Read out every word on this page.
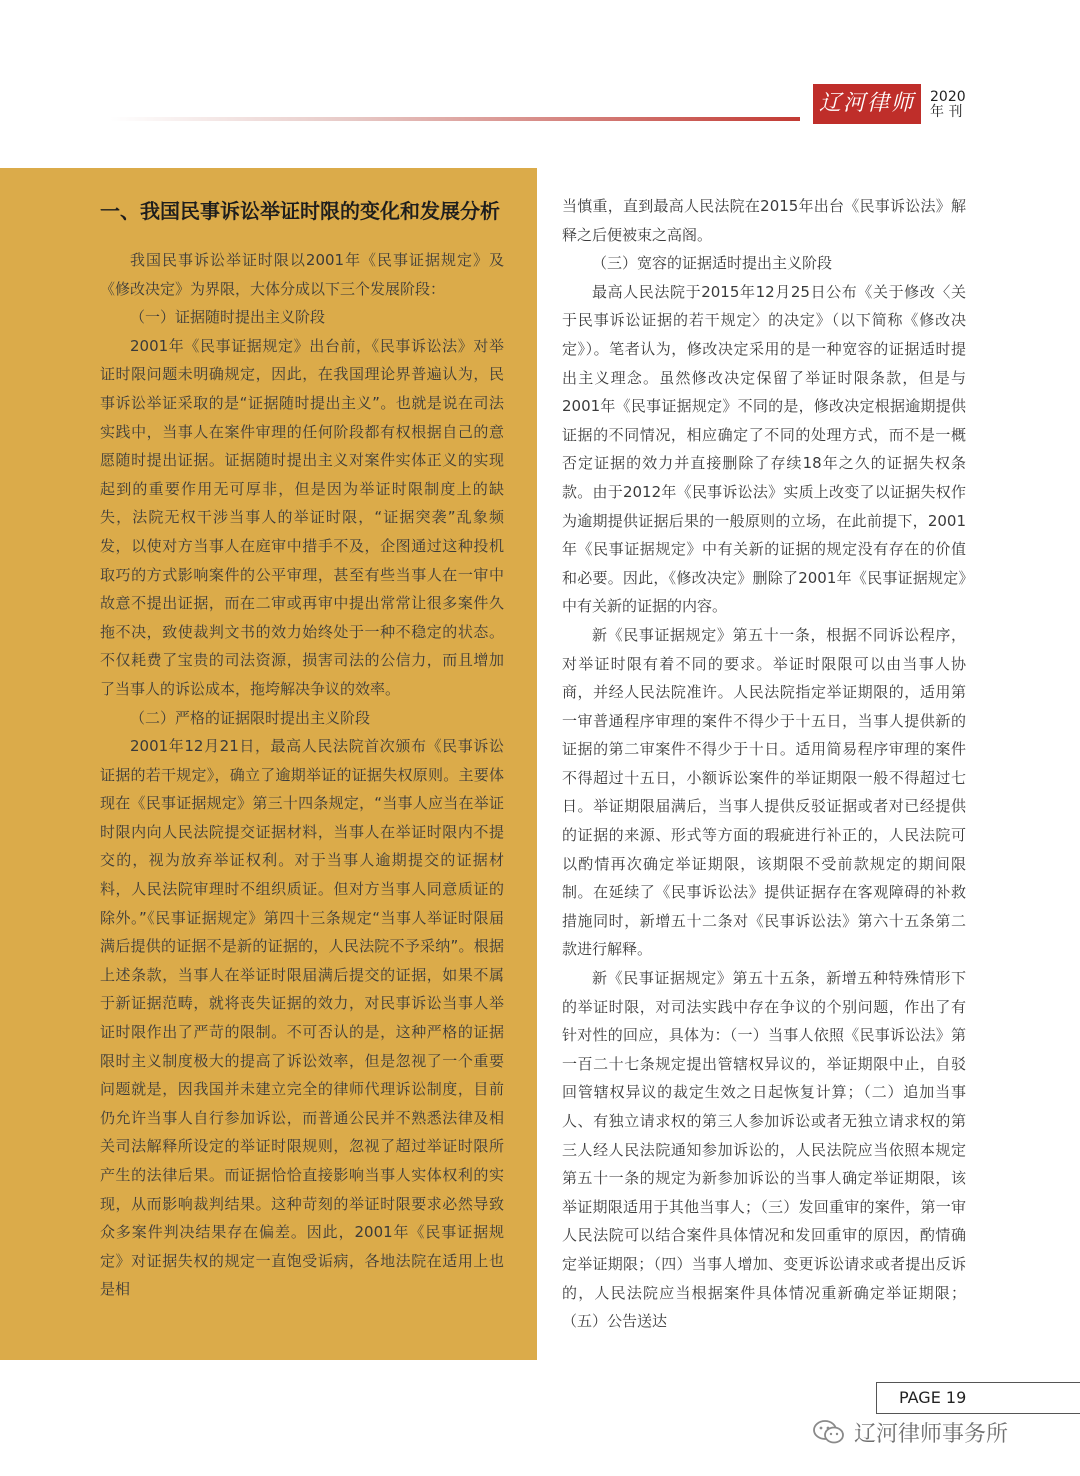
辽河律师	2020
年 刊
一、我国民事诉讼举证时限的变化和发展分析

我国民事诉讼举证时限以2001年《民事证据规定》及《修改决定》为界限，大体分成以下三个发展阶段：

（一）证据随时提出主义阶段

2001年《民事证据规定》出台前，《民事诉讼法》对举证时限问题未明确规定，因此，在我国理论界普遍认为，民事诉讼举证采取的是“证据随时提出主义”。也就是说在司法实践中，当事人在案件审理的任何阶段都有权根据自己的意愿随时提出证据。证据随时提出主义对案件实体正义的实现起到的重要作用无可厚非，但是因为举证时限制度上的缺失，法院无权干涉当事人的举证时限，“证据突袭”乱象频发，以使对方当事人在庭审中措手不及，企图通过这种投机取巧的方式影响案件的公平审理，甚至有些当事人在一审中故意不提出证据，而在二审或再审中提出常常让很多案件久拖不决，致使裁判文书的效力始终处于一种不稳定的状态。不仅耗费了宝贵的司法资源，损害司法的公信力，而且增加了当事人的诉讼成本，拖垮解决争议的效率。

（二）严格的证据限时提出主义阶段

2001年12月21日，最高人民法院首次颁布《民事诉讼证据的若干规定》，确立了逾期举证的证据失权原则。主要体现在《民事证据规定》第三十四条规定，“当事人应当在举证时限内向人民法院提交证据材料，当事人在举证时限内不提交的，视为放弃举证权利。对于当事人逾期提交的证据材料，人民法院审理时不组织质证。但对方当事人同意质证的除外。”《民事证据规定》第四十三条规定“当事人举证时限届满后提供的证据不是新的证据的，人民法院不予采纳”。根据上述条款，当事人在举证时限届满后提交的证据，如果不属于新证据范畴，就将丧失证据的效力，对民事诉讼当事人举证时限作出了严苛的限制。不可否认的是，这种严格的证据限时主义制度极大的提高了诉讼效率，但是忽视了一个重要问题就是，因我国并未建立完全的律师代理诉讼制度，目前仍允许当事人自行参加诉讼，而普通公民并不熟悉法律及相关司法解释所设定的举证时限规则，忽视了超过举证时限所产生的法律后果。而证据恰恰直接影响当事人实体权利的实现，从而影响裁判结果。这种苛刻的举证时限要求必然导致众多案件判决结果存在偏差。因此，2001年《民事证据规定》对证据失权的规定一直饱受诟病，各地法院在适用上也是相

当慎重，直到最高人民法院在2015年出台《民事诉讼法》解释之后便被束之高阁。

（三）宽容的证据适时提出主义阶段

最高人民法院于2015年12月25日公布《关于修改〈关于民事诉讼证据的若干规定〉的决定》（以下简称《修改决定》）。笔者认为，修改决定采用的是一种宽容的证据适时提出主义理念。虽然修改决定保留了举证时限条款，但是与2001年《民事证据规定》不同的是，修改决定根据逾期提供证据的不同情况，相应确定了不同的处理方式，而不是一概否定证据的效力并直接删除了存续18年之久的证据失权条款。由于2012年《民事诉讼法》实质上改变了以证据失权作为逾期提供证据后果的一般原则的立场，在此前提下，2001年《民事证据规定》中有关新的证据的规定没有存在的价值和必要。因此，《修改决定》删除了2001年《民事证据规定》中有关新的证据的内容。

新《民事证据规定》第五十一条，根据不同诉讼程序，对举证时限有着不同的要求。举证时限限可以由当事人协商，并经人民法院准许。人民法院指定举证期限的，适用第一审普通程序审理的案件不得少于十五日，当事人提供新的证据的第二审案件不得少于十日。适用简易程序审理的案件不得超过十五日，小额诉讼案件的举证期限一般不得超过七日。举证期限届满后，当事人提供反驳证据或者对已经提供的证据的来源、形式等方面的瑕疵进行补正的，人民法院可以酌情再次确定举证期限，该期限不受前款规定的期间限制。在延续了《民事诉讼法》提供证据存在客观障碍的补救措施同时，新增五十二条对《民事诉讼法》第六十五条第二款进行解释。

新《民事证据规定》第五十五条，新增五种特殊情形下的举证时限，对司法实践中存在争议的个别问题，作出了有针对性的回应，具体为：（一）当事人依照《民事诉讼法》第一百二十七条规定提出管辖权异议的，举证期限中止，自驳回管辖权异议的裁定生效之日起恢复计算；（二）追加当事人、有独立请求权的第三人参加诉讼或者无独立请求权的第三人经人民法院通知参加诉讼的，人民法院应当依照本规定第五十一条的规定为新参加诉讼的当事人确定举证期限，该举证期限适用于其他当事人；（三）发回重审的案件，第一审人民法院可以结合案件具体情况和发回重审的原因，酌情确定举证期限；（四）当事人增加、变更诉讼请求或者提出反诉的，人民法院应当根据案件具体情况重新确定举证期限；（五）公告送达

PAGE 19
辽河律师事务所
